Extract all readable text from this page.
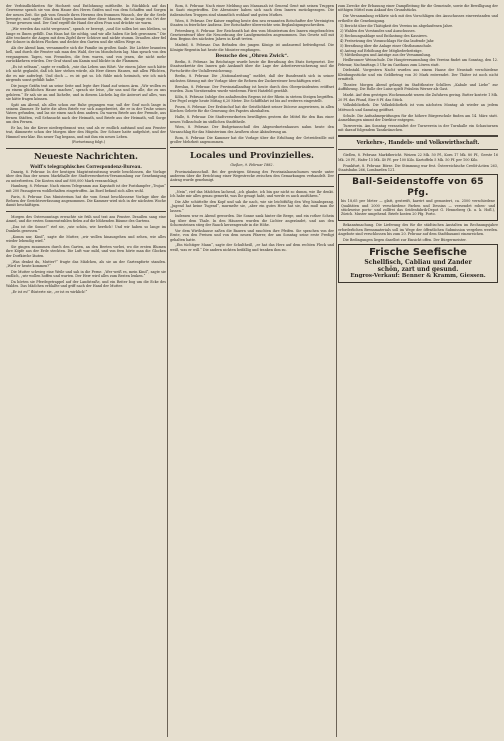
der Verbindlichkeiten für Hochzeit und Entlohnung mittheilte. In Rückblick auf das Gewesene sprach sie von dem Hause des Herrn Gräfen und von dem Schaffen und Sorgen der neuen Zeit. Sie gab vom Grunde ihres Herzens den frommen Wunsch, der ihr die Seele bewegte, und sagte: Glück und Segen komme über diese Mauern, die so lange ein Ort der Treue gewesen sind. Der Graf ergriff die Hand der alten Frau und drückte sie warm.

„Wir werden das nicht vergessen“, sprach er bewegt, „und Sie sollen bei uns bleiben, so lange es Ihnen gefällt. Das Haus hat Sie nöthig, und wir alle haben Sie lieb gewonnen.“ Die Alte trocknete die Augen mit dem Zipfel ihrer Schürze und nickte stumm. Draußen aber fiel der Schnee in dichten Flocken und deckte den Garten und die stillen Wege zu.

Als der Abend kam, versammelte sich die Familie im großen Saale. Die Lichter brannten hell, und durch die Fenster sah man den Wald, der im Mondschein lag. Man sprach von den vergangenen Tagen, von Freunden, die fern waren, und von jenen, die nicht mehr zurückkehren würden. Der Graf stand am Kamin und blickte in die Flammen.

„Es ist seltsam“, sagte er endlich, „wie das Leben uns führt. Vor einem Jahre noch hätte ich nicht geglaubt, daß ich hier stehen würde, als Herr dieses Hauses, mit allen Pflichten, die es mir auferlegt. Und doch — es ist gut so. Ich fühle mich heimisch, wie ich mich nirgends sonst gefühlt habe.“

Die junge Gräfin trat an seine Seite und legte ihre Hand auf seinen Arm. „Wir wollen es zu einem glücklichen Hause machen“, sprach sie leise, „für uns und für alle, die zu uns gehören.“ Er sah sie an und lächelte, und in diesem Lächeln lag die Antwort auf alles, was sie hätte fragen können.

Spät am Abend, als alles schon zur Ruhe gegangen war, saß der Graf noch lange in seinem Zimmer. Er hatte die alten Briefe vor sich ausgebreitet, die er in der Truhe seines Vaters gefunden, und las sie einen nach dem andern. Da waren Briefe aus der Fremde, aus fernen Städten, voll Sehnsucht nach der Heimath, und Briefe aus der Heimath, voll Sorge um den Fernen.

Er las, bis die Kerze niedergebrannt war, und als er endlich aufstand und ans Fenster trat, dämmerte schon der Morgen über den Hügeln. Der Schnee hatte aufgehört, und der Himmel war klar. Ein neuer Tag begann, und mit ihm ein neues Leben.

(Fortsetzung folgt.)

Neueste Nachrichten.
Wolff's telegraphisches Correspondenz-Bureau.

Danzig, 8. Februar. In der heutigen Magistratssitzung wurde beschlossen, die Vorlage über den Bau der neuen Markthalle der Stadtverordneten-Versammlung zur Genehmigung zu unterbreiten. Die Kosten sind auf 800,000 Mark veranschlagt.

Hamburg, 8. Februar. Nach einem Telegramm aus Kapstadt ist der Postdampfer „Trojan“ mit 200 Passagieren wohlbehalten eingetroffen. An Bord befand sich alles wohl.

Paris, 8. Februar. Das Ministerium hat die vom Senat beschlossene Vorlage über die Reform der Gerichtsverfassung angenommen. Die Kammer wird sich in der nächsten Woche damit beschäftigen.

Morgen des Ostersonntags erwachte sie früh und trat ans Fenster. Draußen sang eine Amsel, und die ersten Sonnenstrahlen fielen auf die blühenden Bäume des Gartens.

„Das ist die Sonne!“ rief sie, „wie schön, wie herrlich! Und wir haben so lange im Dunkeln gesessen.“

„Komm nur, Kind“, sagte die Mutter, „wir wollen hinausgehen und sehen, wie alles wieder lebendig wird.“

Sie gingen zusammen durch den Garten, an den Beeten vorbei, wo die ersten Blumen ihre Köpfe aus der Erde steckten. Die Luft war mild, und von fern hörte man die Glocken der Dorfkirche läuten.

„Was denkst du, Mutter?“ fragte das Mädchen, als sie an der Gartenpforte standen. „Wird er heute kommen?“

Die Mutter schwieg eine Weile und sah in die Ferne. „Wer weiß es, mein Kind“, sagte sie endlich, „wir wollen hoffen und warten. Der Herr wird alles zum Besten lenken.“

Da hörten sie Pferdegetrappel auf der Landstraße, und ein Reiter bog um die Ecke des Waldes. Das Mädchen erblaßte und griff nach der Hand der Mutter.

„Er ist es!“ flüsterte sie, „er ist es wirklich!“

Rom, 8. Februar. Nach einer Meldung aus Massauah ist General Gené mit seinen Truppen in Saati eingetroffen. Die Abessinier haben sich nach dem Innern zurückgezogen. Die italienischen Truppen sind sämmtlich wohlauf und guten Muthes.

Wien, 8. Februar. Der Kaiser empfing heute den neu ernannten Botschafter der Vereinigten Staaten in feierlicher Audienz. Der Botschafter überreichte sein Beglaubigungsschreiben.

Petersburg, 8. Februar. Der Reichsrath hat den vom Ministerium des Innern eingebrachten Gesetzentwurf über die Neuordnung der Landgemeinden angenommen. Das Gesetz soll mit dem Beginn des nächsten Jahres in Kraft treten.

Madrid, 8. Februar. Das Befinden des jungen Königs ist andauernd befriedigend. Die Königin-Regentin hat heute die Minister empfangen.

Besuche des „Ohren Zwick“.

Berlin, 8. Februar. Im Reichstage wurde heute die Berathung des Etats fortgesetzt. Der Staatssekretär des Innern gab Auskunft über die Lage der Arbeiterversicherung und die Fortschritte der Unfallversicherung.

Berlin, 8. Februar. Die „Nationalzeitung“ meldet, daß der Bundesrath sich in seiner nächsten Sitzung mit der Vorlage über die Reform der Zuckersteuer beschäftigen wird.

Breslau, 8. Februar. Der Provinziallandtag ist heute durch den Oberpräsidenten eröffnet worden. Zum Vorsitzenden wurde wiederum Fürst Hatzfeld gewählt.

Köln, 8. Februar. Infolge des anhaltenden Regens ist der Rhein in stetem Steigen begriffen. Der Pegel zeigte heute Mittag 6,20 Meter. Die Schifffahrt ist bis auf weiteres eingestellt.

Posen, 8. Februar. Der Erzbischof hat die Geistlichkeit seiner Diöcese angewiesen, in allen Kirchen Gebete für die Genesung des Papstes abzuhalten.

Halle, 8. Februar. Die Stadtverordneten bewilligten gestern die Mittel für den Bau einer neuen Volksschule im südlichen Stadttheile.

Wien, 8. Februar. Der Budgetausschuß des Abgeordnetenhauses nahm heute den Voranschlag für das Ministerium des Aeußern ohne Abänderung an.

Rom, 8. Februar. Die Kammer hat die Vorlage über die Erhöhung der Getreidezölle mit großer Mehrheit angenommen.

Locales und Provinzielles.
Gießen, 9. Februar 1882.

Provinzialausschuß. Bei der gestrigen Sitzung des Provinzialausschusses wurde unter anderem über die Errichtung einer Wegestrecke zwischen den Gemarkungen verhandelt. Der Antrag wurde genehmigt.

„Nein“, rief das Mädchen lachend, „ich glaube, ich bin gar nicht so dumm, wie Ihr denkt. Ich habe mir alles genau gemerkt, was Ihr gesagt habt, und werde es auch ausführen.“

Die Alte schüttelte den Kopf und sah ihr nach, wie sie leichtfüßig den Weg hinabsprang. „Jugend hat keine Tugend“, murmelte sie, „aber ein gutes Herz hat sie, das muß man ihr lassen.“

Indessen war es Abend geworden. Die Sonne sank hinter die Berge, und ein rother Schein lag über dem Thale. In den Häusern wurden die Lichter angezündet, und aus den Schornsteinen stieg der Rauch kerzengerade in die Höhe.

Vor dem Wirthshause saßen die Bauern und rauchten ihre Pfeifen. Sie sprachen von der Ernte, von den Preisen und von dem neuen Pfarrer, der am Sonntag seine erste Predigt gehalten hatte.

„Ein tüchtiger Mann“, sagte der Schultheiß, „er hat das Herz auf dem rechten Fleck und weiß, was er will.“ Die andern nickten beifällig und tranken ihm zu.

zum Zwecke der Erbauung einer Dampfleitung für die Gemeinde, sowie die Bewilligung der nöthigen Mittel zum Ankauf des Grundstücks.

Die Versammlung erklärte sich mit den Vorschlägen des Ausschusses einverstanden und ertheilte die Genehmigung.

1) Bericht über die Thätigkeit des Vereins im abgelaufenen Jahre.
2) Wahlen des Vorstandes und Ausschusses.
3) Rechnungsablage und Entlastung des Kassirers.
4) Festsetzung des Voranschlags für das laufende Jahr.
5) Berathung über die Anlage einer Obstbaumschule.
6) Antrag auf Erhöhung der Mitgliederbeiträge.
7) Mittheilungen und Anträge aus der Versammlung.

Heilbronner Weinschule. Die Hauptversammlung des Vereins findet am Sonntag, den 12. Februar, Nachmittags 3 Uhr im Gasthaus zum Löwen statt.

Diebstahl. Vorgestern Nacht wurden aus einem Hause der Neustadt verschiedene Kleidungsstücke und ein Geldbetrag von 30 Mark entwendet. Der Thäter ist noch nicht ermittelt.

Theater. Morgen Abend gelangt im Stadttheater Schillers „Kabale und Liebe“ zur Aufführung. Die Rolle der Luise spielt Fräulein Werner als Gast.

Markt. Auf dem gestrigen Wochenmarkt waren die Zufuhren gering. Butter kostete 1 Mk. 20 Pf. das Pfund, Eier 8 Pf. das Stück.

Volksbibliothek. Die Volksbibliothek ist vom nächsten Montag ab wieder an jedem Mittwoch und Samstag geöffnet.

Schule. Die Aufnahmeprüfungen für die höhere Bürgerschule finden am 14. März statt. Anmeldungen nimmt der Direktor entgegen.

Turnverein. Am Sonntag veranstaltet der Turnverein in der Turnhalle ein Schauturnen mit darauf folgendem Tanzkränzchen.

Verkehrs-, Handels- und Volkswirthschaft.

Gießen, 8. Februar. Marktbericht. Weizen 22 Mk. 50 Pf., Korn 17 Mk. 80 Pf., Gerste 16 Mk. 20 Pf., Hafer 15 Mk. 40 Pf. per 100 Kilo. Kartoffeln 5 Mk. 50 Pf. per 100 Kilo.

Frankfurt, 8. Februar. Börse. Die Stimmung war fest. Österreichische Credit-Actien 263, Staatsbahn 266, Lombarden 121.

Ball-Seidenstoffe von 65 Pfg.

bis 18,65 per Meter — glatt, gestreift, karrirt und gemustert, ca. 2500 verschiedene Qualitäten und 2000 verschiedene Farben und Dessins — versendet roben- und stückweise porto- und zollfrei das Seidenfabrik-Depot G. Henneberg (k. u. k. Hofl.), Zürich. Muster umgehend. Briefe kosten 20 Pfg. Porto.

Bekanntmachung. Die Lieferung des für die städtischen Anstalten im Rechnungsjahre erforderlichen Brennmaterials soll im Wege der öffentlichen Submission vergeben werden. Angebote sind verschlossen bis zum 20. Februar auf dem Stadtbauamt einzureichen.

Die Bedingungen liegen daselbst zur Einsicht offen. Der Bürgermeister.

Frische Seefische
Schellfisch, Cabliau und Zander
schön, zart und gesund.
Engros-Verkauf: Benner & Kramm, Giessen.
